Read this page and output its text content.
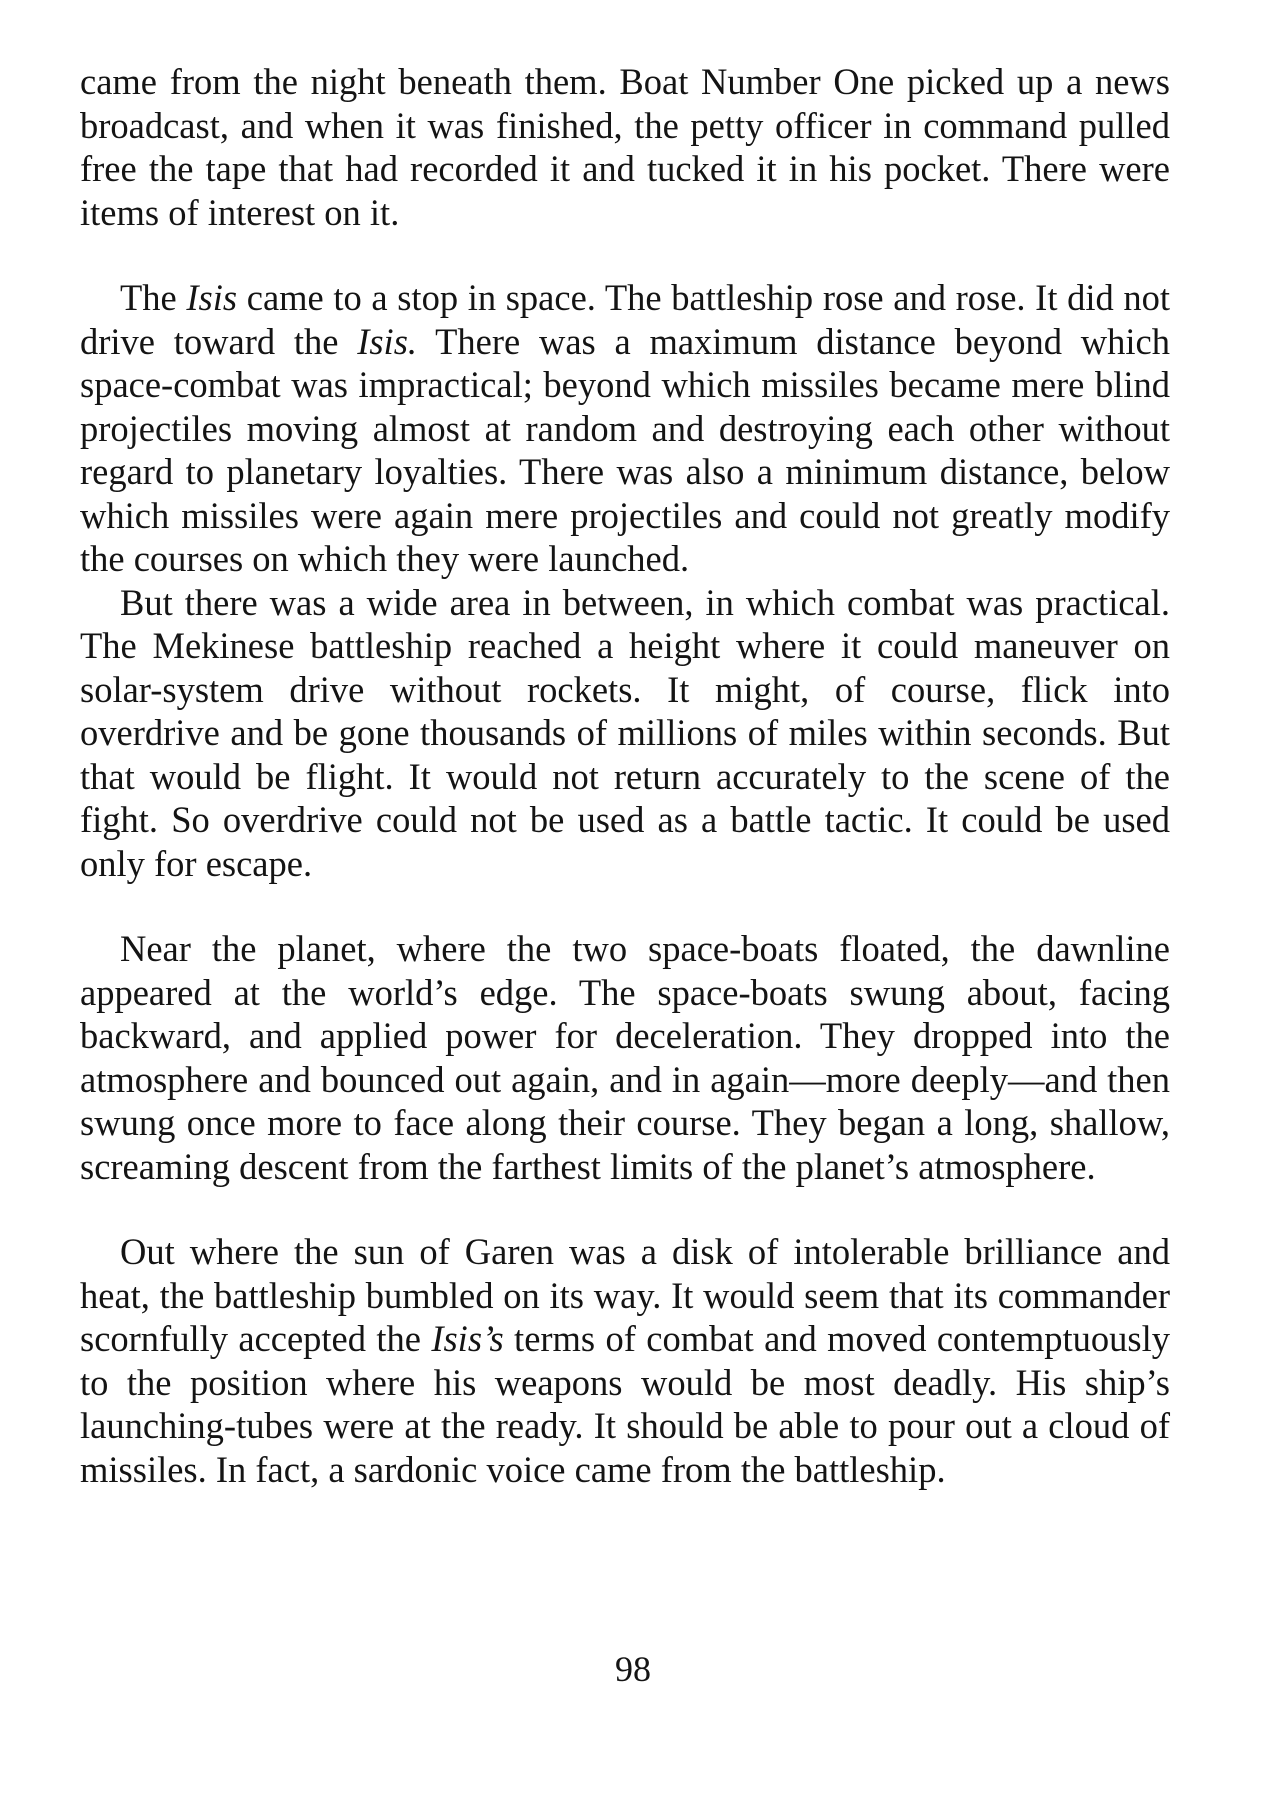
came from the night beneath them. Boat Number One picked up a news broadcast, and when it was finished, the petty officer in command pulled free the tape that had recorded it and tucked it in his pocket. There were items of interest on it.

The Isis came to a stop in space. The battleship rose and rose. It did not drive toward the Isis. There was a maximum distance beyond which space-combat was impractical; beyond which missiles became mere blind projectiles moving almost at random and destroying each other without regard to planetary loyalties. There was also a minimum distance, below which missiles were again mere projectiles and could not greatly modify the courses on which they were launched.

But there was a wide area in between, in which combat was practical. The Mekinese battleship reached a height where it could maneuver on solar-system drive without rockets. It might, of course, flick into overdrive and be gone thousands of millions of miles within seconds. But that would be flight. It would not return accurately to the scene of the fight. So overdrive could not be used as a battle tactic. It could be used only for escape.

Near the planet, where the two space-boats floated, the dawnline appeared at the world’s edge. The space-boats swung about, facing backward, and applied power for deceleration. They dropped into the atmosphere and bounced out again, and in again—more deeply—and then swung once more to face along their course. They began a long, shallow, screaming descent from the farthest limits of the planet’s atmosphere.

Out where the sun of Garen was a disk of intolerable brilliance and heat, the battleship bumbled on its way. It would seem that its commander scornfully accepted the Isis’s terms of combat and moved contemptuously to the position where his weapons would be most deadly. His ship’s launching-tubes were at the ready. It should be able to pour out a cloud of missiles. In fact, a sardonic voice came from the battleship.

98
